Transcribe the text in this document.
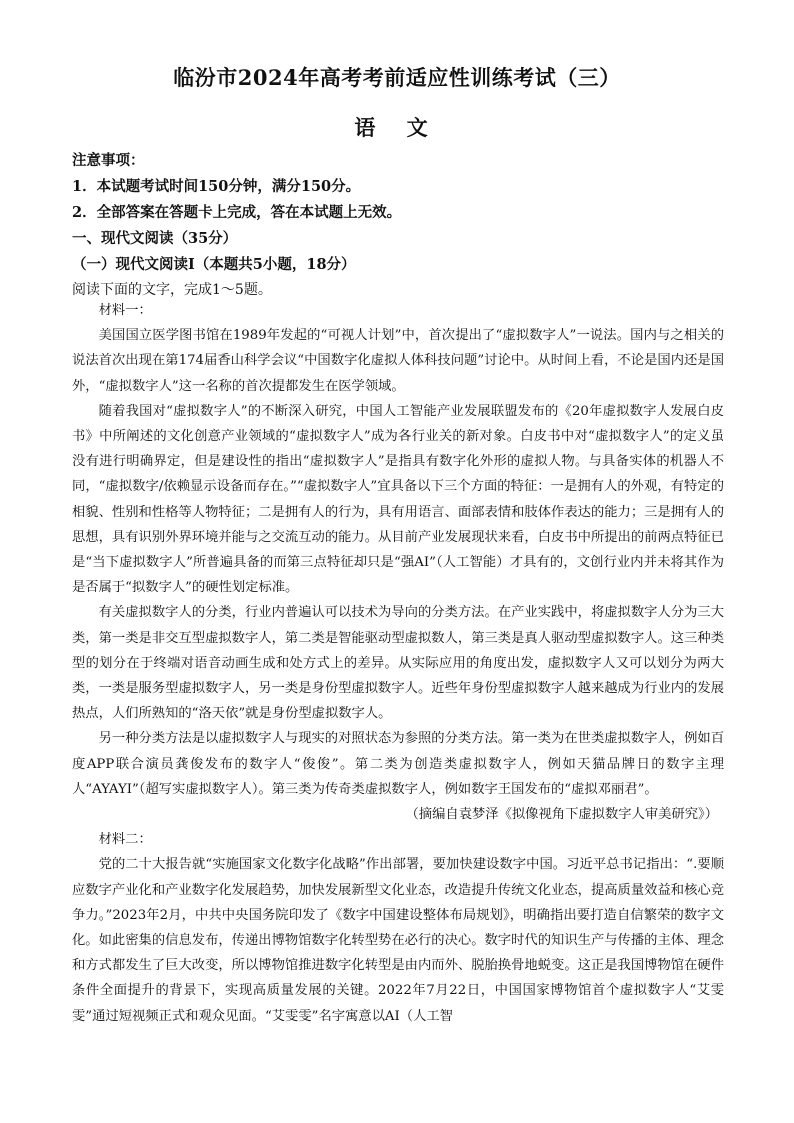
临汾市2024年高考考前适应性训练考试（三）
语 文

注意事项：

1．本试题考试时间150分钟，满分150分。

2．全部答案在答题卡上完成，答在本试题上无效。

一、现代文阅读（35分）

（一）现代文阅读Ⅰ（本题共5小题，18分）

阅读下面的文字，完成1～5题。

材料一：

美国国立医学图书馆在1989年发起的“可视人计划”中，首次提出了“虚拟数字人”一说法。国内与之相关的说法首次出现在第174届香山科学会议“中国数字化虚拟人体科技问题”讨论中。从时间上看，不论是国内还是国外，“虚拟数字人”这一名称的首次提都发生在医学领域。

随着我国对“虚拟数字人”的不断深入研究，中国人工智能产业发展联盟发布的《20年虚拟数字人发展白皮书》中所阐述的文化创意产业领域的“虚拟数字人”成为各行业关的新对象。白皮书中对“虚拟数字人”的定义虽没有进行明确界定，但是建设性的指出“虚拟数字人”是指具有数字化外形的虚拟人物。与具备实体的机器人不同，“虚拟数字/依赖显示设备而存在。”“虚拟数字人”宜具备以下三个方面的特征：一是拥有人的外观，有特定的相貌、性别和性格等人物特征；二是拥有人的行为，具有用语言、面部表情和肢体作表达的能力；三是拥有人的思想，具有识别外界环境并能与之交流互动的能力。从目前产业发展现状来看，白皮书中所提出的前两点特征已是“当下虚拟数字人”所普遍具备的而第三点特征却只是“强AI”（人工智能）才具有的，文创行业内并未将其作为是否属于“拟数字人”的硬性划定标准。

有关虚拟数字人的分类，行业内普遍认可以技术为导向的分类方法。在产业实践中，将虚拟数字人分为三大类，第一类是非交互型虚拟数字人，第二类是智能驱动型虚拟数人，第三类是真人驱动型虚拟数字人。这三种类型的划分在于终端对语音动画生成和处方式上的差异。从实际应用的角度出发，虚拟数字人又可以划分为两大类，一类是服务型虚拟数字人，另一类是身份型虚拟数字人。近些年身份型虚拟数字人越来越成为行业内的发展热点，人们所熟知的“洛天依”就是身份型虚拟数字人。

另一种分类方法是以虚拟数字人与现实的对照状态为参照的分类方法。第一类为在世类虚拟数字人，例如百度APP联合演员龚俊发布的数字人“俊俊”。第二类为创造类虚拟数字人，例如天猫品牌日的数字主理人“AYAYI”（超写实虚拟数字人）。第三类为传奇类虚拟数字人，例如数字王国发布的“虚拟邓丽君”。

（摘编自袁梦泽《拟像视角下虚拟数字人审美研究》）

材料二：

党的二十大报告就“实施国家文化数字化战略”作出部署，要加快建设数字中国。习近平总书记指出：“.要顺应数字产业化和产业数字化发展趋势，加快发展新型文化业态，改造提升传统文化业态，提高质量效益和核心竞争力。”2023年2月，中共中央国务院印发了《数字中国建设整体布局规划》，明确指出要打造自信繁荣的数字文化。如此密集的信息发布，传递出博物馆数字化转型势在必行的决心。数字时代的知识生产与传播的主体、理念和方式都发生了巨大改变，所以博物馆推进数字化转型是由内而外、脱胎换骨地蜕变。这正是我国博物馆在硬件条件全面提升的背景下，实现高质量发展的关键。2022年7月22日，中国国家博物馆首个虚拟数字人“艾雯雯”通过短视频正式和观众见面。“艾雯雯”名字寓意以AI（人工智
